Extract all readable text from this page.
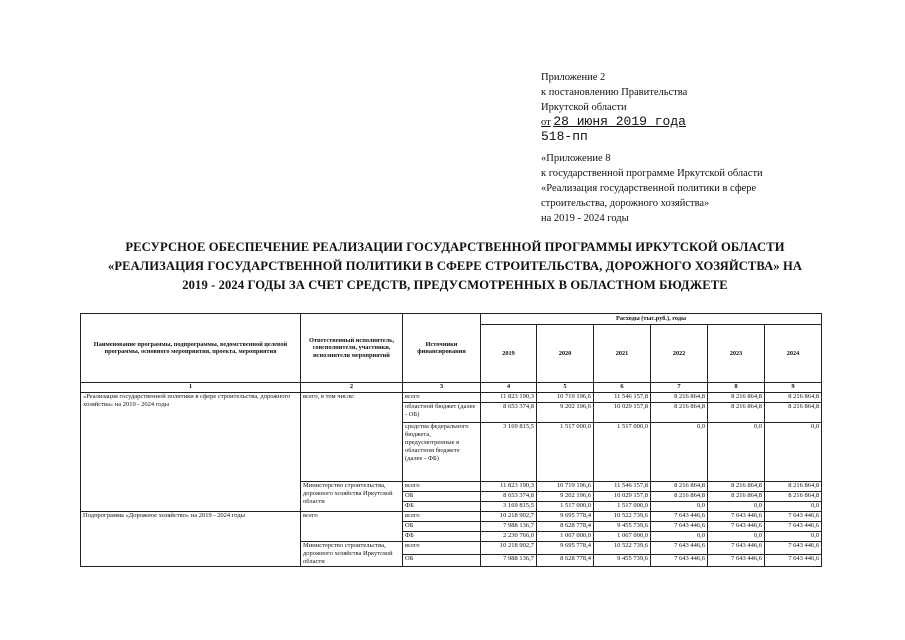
Приложение 2
к постановлению Правительства
Иркутской области
от 28 июня 2019 года
518-пп
«Приложение 8
к государственной программе Иркутской области
«Реализация государственной политики в сфере
строительства, дорожного хозяйства»
на 2019 - 2024 годы
РЕСУРСНОЕ ОБЕСПЕЧЕНИЕ РЕАЛИЗАЦИИ ГОСУДАРСТВЕННОЙ ПРОГРАММЫ ИРКУТСКОЙ ОБЛАСТИ
«РЕАЛИЗАЦИЯ ГОСУДАРСТВЕННОЙ ПОЛИТИКИ В СФЕРЕ СТРОИТЕЛЬСТВА, ДОРОЖНОГО ХОЗЯЙСТВА» НА
2019 - 2024 ГОДЫ ЗА СЧЕТ СРЕДСТВ, ПРЕДУСМОТРЕННЫХ В ОБЛАСТНОМ БЮДЖЕТЕ
Наименование программы, подпрограммы, ведомственной целевой программы, основного мероприятия, проекта, мероприятия	Ответственный исполнитель, соисполнители, участники, исполнители мероприятий	Источники финансирования	Расходы (тыс.руб.), годы					
			2019	2020	2021	2022	2023	2024
1	2	3	4	5	6	7	8	9
«Реализация государственной политики в сфере строительства, дорожного хозяйства» на 2019 - 2024 годы	всего, в том числе:	всего	11 823 190,3	10 719 196,6	11 546 157,8	8 216 864,8	8 216 864,8	8 216 864,8
		областной бюджет (далее - ОБ)	8 653 374,8	9 202 196,6	10 029 157,8	8 216 864,8	8 216 864,8	8 216 864,8
		средства федерального бюджета, предусмотренные в областном бюджете (далее - ФБ)	3 169 815,5	1 517 000,0	1 517 000,0	0,0	0,0	0,0
	Министерство строительства, дорожного хозяйства Иркутской области	всего	11 823 190,3	10 719 196,6	11 546 157,8	8 216 864,8	8 216 864,8	8 216 864,8
		ОБ	8 653 374,8	9 202 196,6	10 029 157,8	8 216 864,8	8 216 864,8	8 216 864,8
		ФБ	3 169 815,5	1 517 000,0	1 517 000,0	0,0	0,0	0,0
Подпрограмма «Дорожное хозяйство» на 2019 - 2024 годы	всего	всего	10 218 902,7	9 695 778,4	10 522 739,6	7 643 446,6	7 643 446,6	7 643 446,6
		ОБ	7 988 136,7	8 628 778,4	9 455 739,6	7 643 446,6	7 643 446,6	7 643 446,6
		ФБ	2 230 766,0	1 067 000,0	1 067 000,0	0,0	0,0	0,0
	Министерство строительства, дорожного хозяйства Иркутской области	всего	10 218 902,7	9 695 778,4	10 522 739,6	7 643 446,6	7 643 446,6	7 643 446,6
		ОБ	7 988 136,7	8 628 778,4	9 455 739,6	7 643 446,6	7 643 446,6	7 643 446,6
